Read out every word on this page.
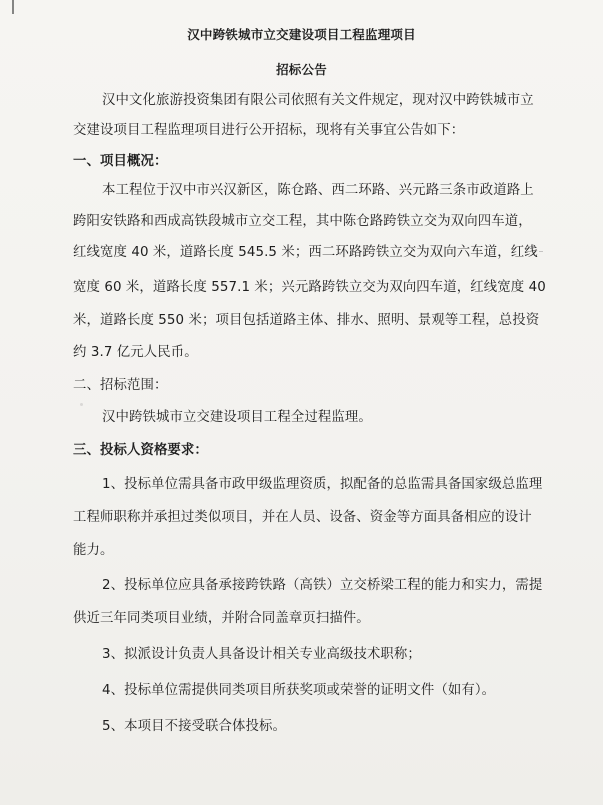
汉中跨铁城市立交建设项目工程监理项目
招标公告
汉中文化旅游投资集团有限公司依照有关文件规定，现对汉中跨铁城市立
交建设项目工程监理项目进行公开招标，现将有关事宜公告如下：
一、项目概况：
本工程位于汉中市兴汉新区，陈仓路、西二环路、兴元路三条市政道路上
跨阳安铁路和西成高铁段城市立交工程，其中陈仓路跨铁立交为双向四车道，
红线宽度 40 米，道路长度 545.5 米；西二环路跨铁立交为双向六车道，红线
宽度 60 米，道路长度 557.1 米；兴元路跨铁立交为双向四车道，红线宽度 40
米，道路长度 550 米；项目包括道路主体、排水、照明、景观等工程，总投资
约 3.7 亿元人民币。
二、招标范围：
汉中跨铁城市立交建设项目工程全过程监理。
三、投标人资格要求：
1、投标单位需具备市政甲级监理资质，拟配备的总监需具备国家级总监理
工程师职称并承担过类似项目，并在人员、设备、资金等方面具备相应的设计
能力。
2、投标单位应具备承接跨铁路（高铁）立交桥梁工程的能力和实力，需提
供近三年同类项目业绩，并附合同盖章页扫描件。
3、拟派设计负责人具备设计相关专业高级技术职称；
4、投标单位需提供同类项目所获奖项或荣誉的证明文件（如有）。
5、本项目不接受联合体投标。
